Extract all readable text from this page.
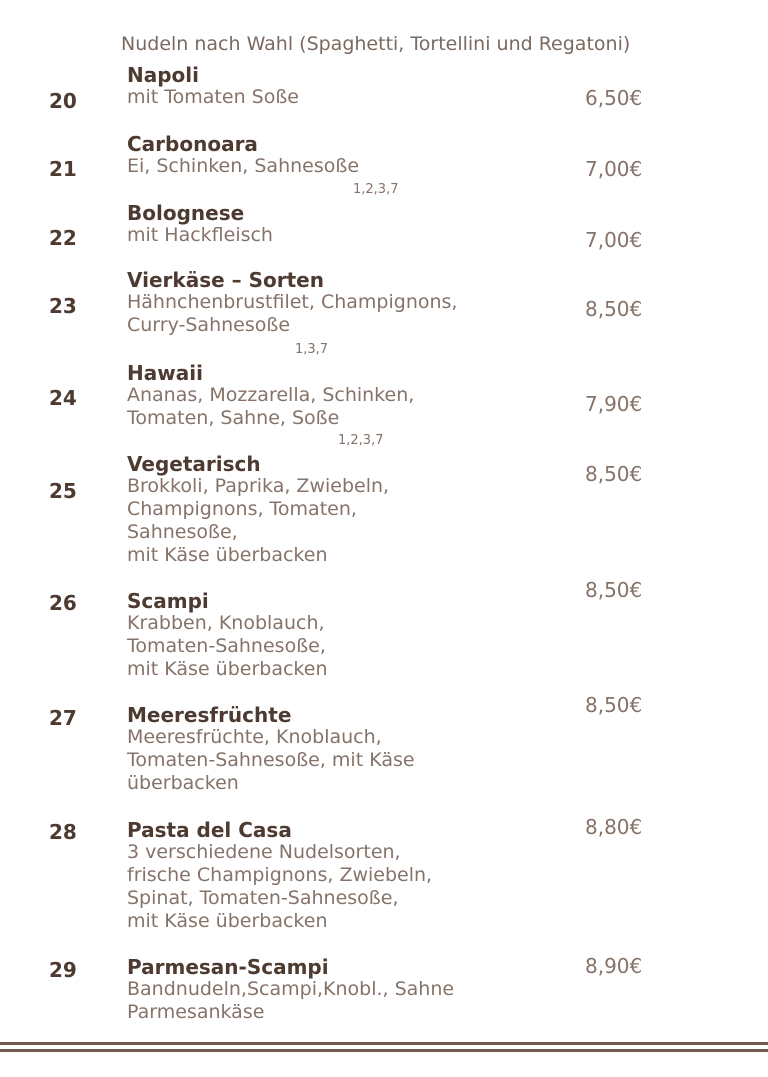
Nudeln nach Wahl (Spaghetti, Tortellini und Regatoni)
20
Napoli
mit Tomaten Soße	6,50€
21
Carbonoara
Ei, Schinken, Sahnesoße	7,00€
1,2,3,7
22
Bolognese
mit Hackfleisch	7,00€
23
Vierkäse – Sorten
Hähnchenbrustfilet, Champignons,
Curry-Sahnesoße
8,50€
1,3,7
24
Hawaii
Ananas, Mozzarella, Schinken,
Tomaten, Sahne, Soße
7,90€
1,2,3,7
25
Vegetarisch
Brokkoli, Paprika, Zwiebeln,
Champignons, Tomaten,
Sahnesoße,
mit Käse überbacken
8,50€
26	Scampi
Krabben, Knoblauch,
Tomaten-Sahnesoße,
mit Käse überbacken
8,50€
27	Meeresfrüchte
Meeresfrüchte, Knoblauch,
Tomaten-Sahnesoße, mit Käse
überbacken
8,50€
28	Pasta del Casa
3 verschiedene Nudelsorten,
frische Champignons, Zwiebeln,
Spinat, Tomaten-Sahnesoße,
mit Käse überbacken
8,80€
29	Parmesan-Scampi
Bandnudeln,Scampi,Knobl., Sahne
Parmesankäse
8,90€
